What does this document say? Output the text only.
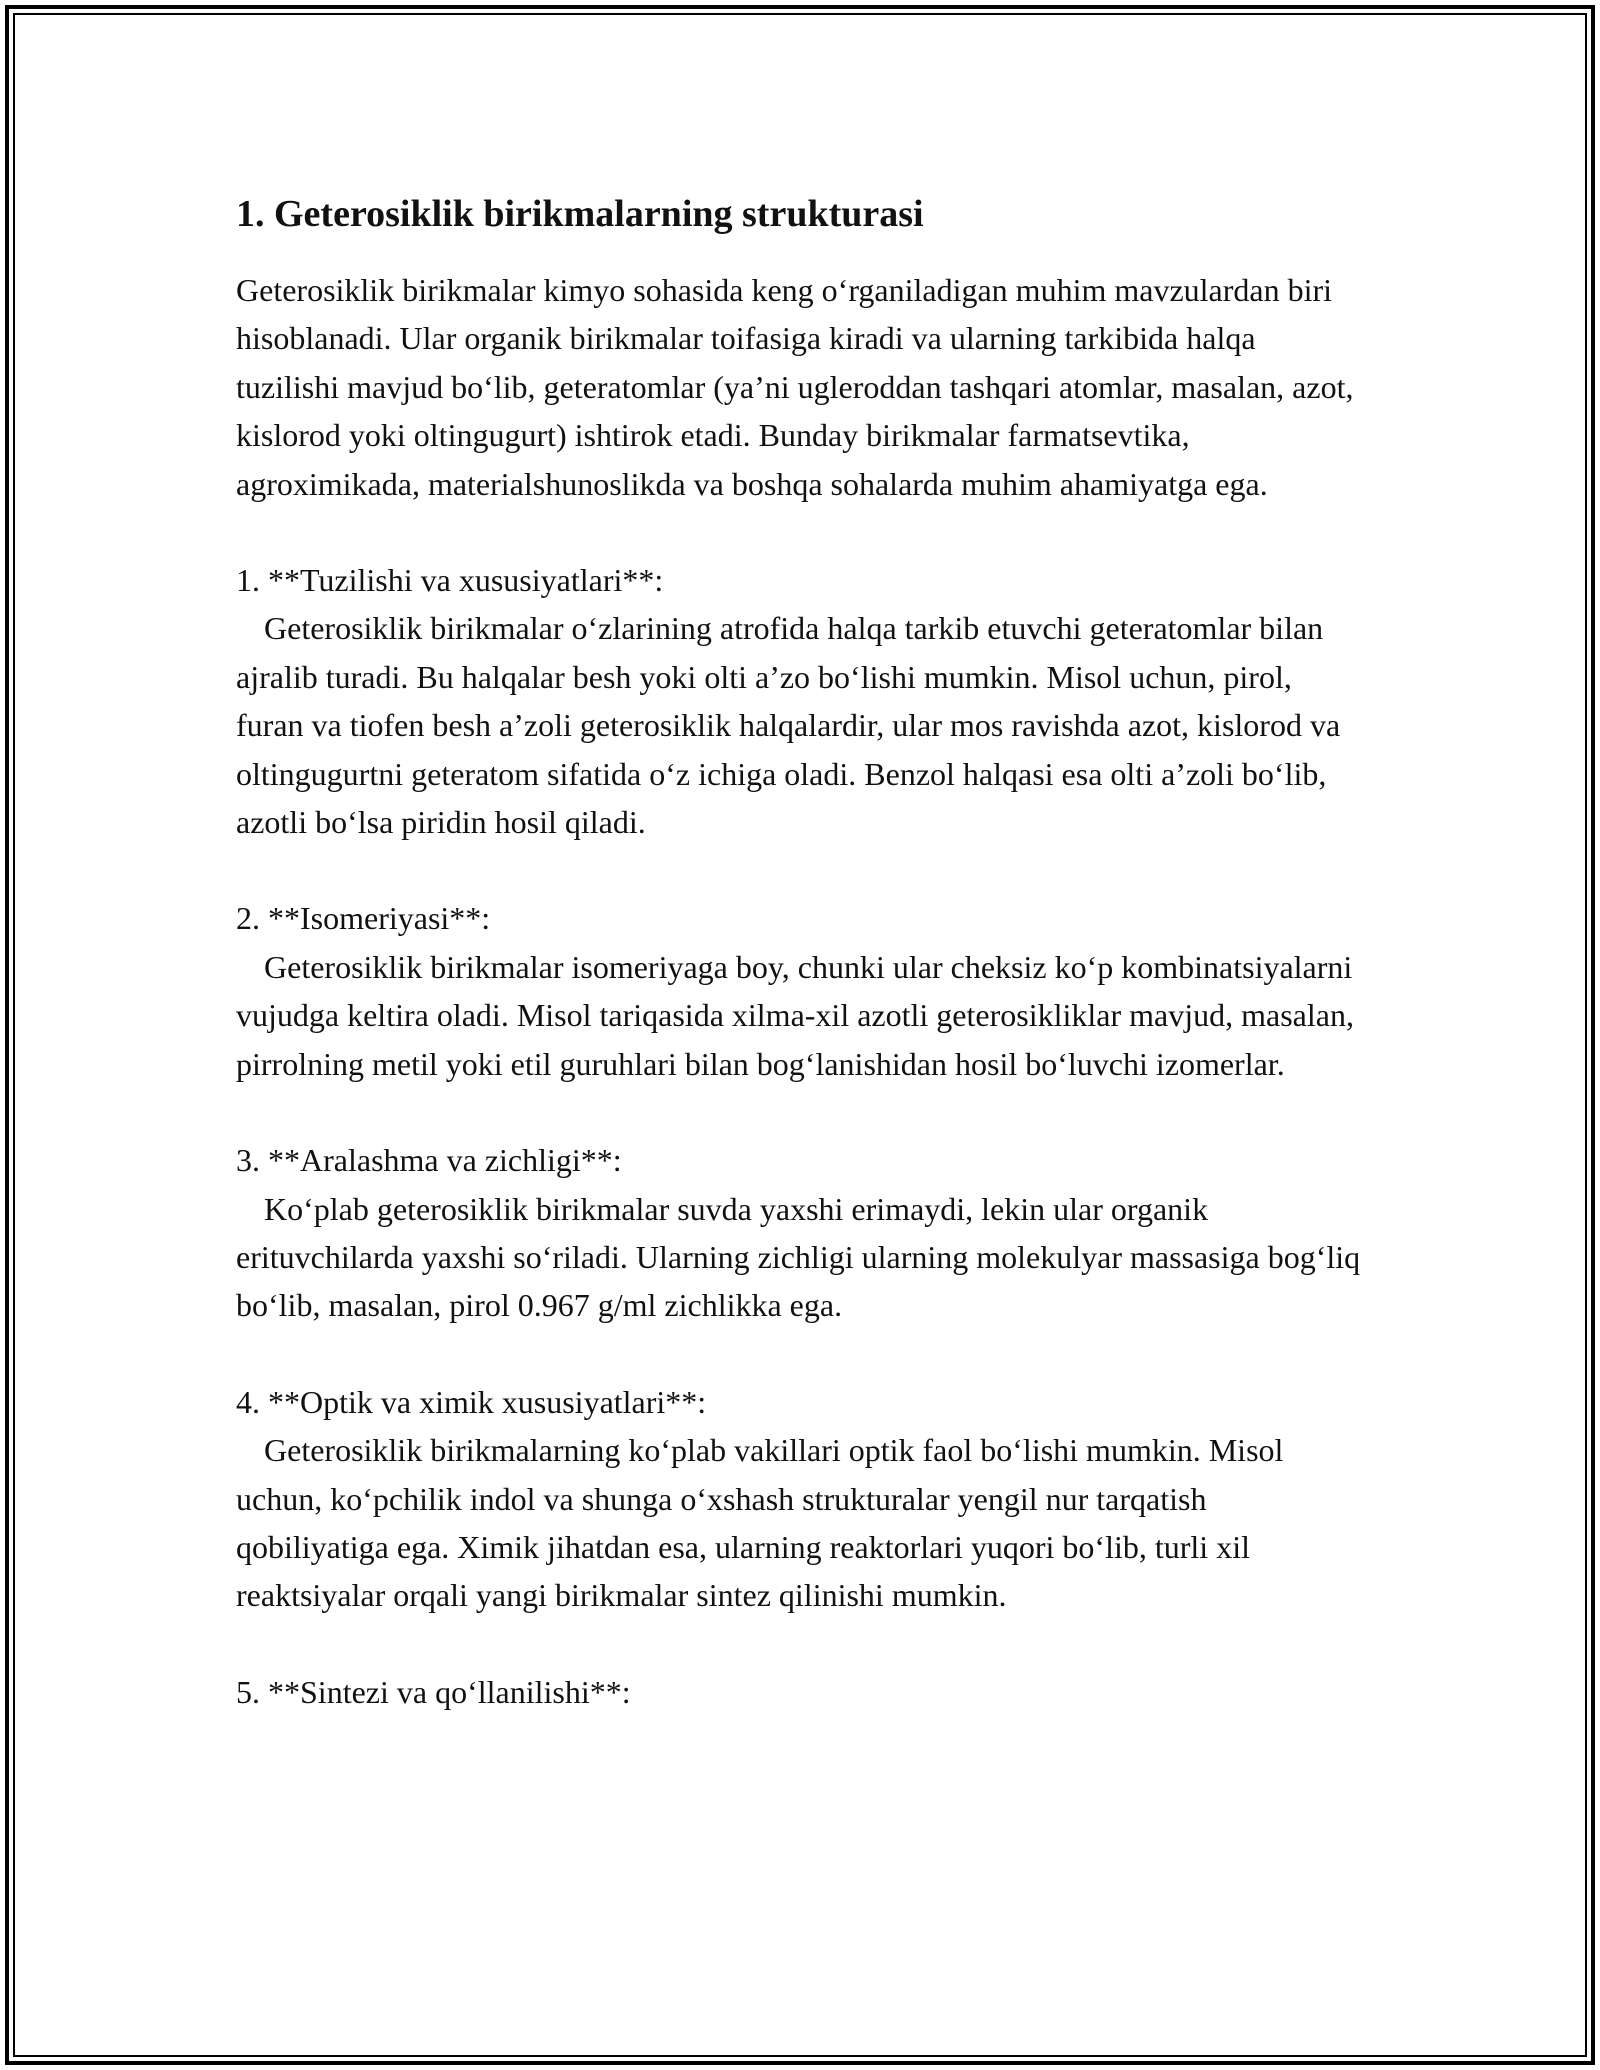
1. Geterosiklik birikmalarning strukturasi

Geterosiklik birikmalar kimyo sohasida keng o‘rganiladigan muhim mavzulardan biri hisoblanadi. Ular organik birikmalar toifasiga kiradi va ularning tarkibida halqa tuzilishi mavjud bo‘lib, geteratomlar (ya’ni ugleroddan tashqari atomlar, masalan, azot, kislorod yoki oltingugurt) ishtirok etadi. Bunday birikmalar farmatsevtika, agroximikada, materialshunoslikda va boshqa sohalarda muhim ahamiyatga ega.

1. **Tuzilishi va xususiyatlari**:

Geterosiklik birikmalar o‘zlarining atrofida halqa tarkib etuvchi geteratomlar bilan ajralib turadi. Bu halqalar besh yoki olti a’zo bo‘lishi mumkin. Misol uchun, pirol, furan va tiofen besh a’zoli geterosiklik halqalardir, ular mos ravishda azot, kislorod va oltingugurtni geteratom sifatida o‘z ichiga oladi. Benzol halqasi esa olti a’zoli bo‘lib, azotli bo‘lsa piridin hosil qiladi.

2. **Isomeriyasi**:

Geterosiklik birikmalar isomeriyaga boy, chunki ular cheksiz ko‘p kombinatsiyalarni vujudga keltira oladi. Misol tariqasida xilma-xil azotli geterosikliklar mavjud, masalan, pirrolning metil yoki etil guruhlari bilan bog‘lanishidan hosil bo‘luvchi izomerlar.

3. **Aralashma va zichligi**:

Ko‘plab geterosiklik birikmalar suvda yaxshi erimaydi, lekin ular organik erituvchilarda yaxshi so‘riladi. Ularning zichligi ularning molekulyar massasiga bog‘liq bo‘lib, masalan, pirol 0.967 g/ml zichlikka ega.

4. **Optik va ximik xususiyatlari**:

Geterosiklik birikmalarning ko‘plab vakillari optik faol bo‘lishi mumkin. Misol uchun, ko‘pchilik indol va shunga o‘xshash strukturalar yengil nur tarqatish qobiliyatiga ega. Ximik jihatdan esa, ularning reaktorlari yuqori bo‘lib, turli xil reaktsiyalar orqali yangi birikmalar sintez qilinishi mumkin.

5. **Sintezi va qo‘llanilishi**:
